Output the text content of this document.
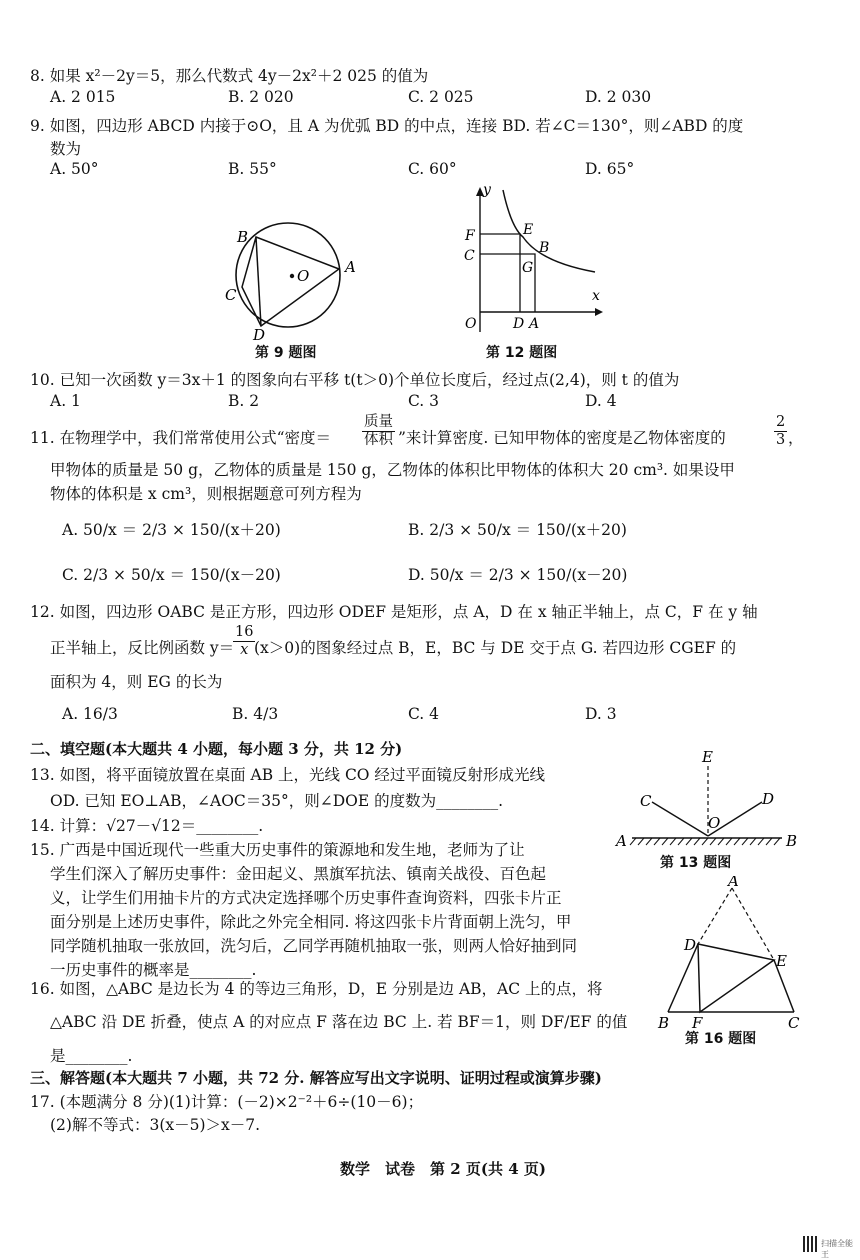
8. 如果 x²－2y＝5，那么代数式 4y－2x²＋2 025 的值为
A. 2 015	B. 2 020	C. 2 025	D. 2 030
9. 如图，四边形 ABCD 内接于⊙O，且 A 为优弧 BD 的中点，连接 BD. 若∠C＝130°，则∠ABD 的度
数为
A. 50°	B. 55°	C. 60°	D. 65°
B
A
C
D
O
第 9 题图
y
x
O
F
C
E
B
G
D A
第 12 题图
10. 已知一次函数 y＝3x＋1 的图象向右平移 t(t＞0)个单位长度后，经过点(2,4)，则 t 的值为
A. 1	B. 2	C. 3	D. 4
11. 在物理学中，我们常常使用公式“密度＝
质量
体积 ”来计算密度. 已知甲物体的密度是乙物体密度的
2
3 ，
甲物体的质量是 50 g，乙物体的质量是 150 g，乙物体的体积比甲物体的体积大 20 cm³. 如果设甲
物体的体积是 x cm³，则根据题意可列方程为
A. 50/x ＝ 2/3 × 150/(x＋20)	B. 2/3 × 50/x ＝ 150/(x＋20)
C. 2/3 × 50/x ＝ 150/(x－20)	D. 50/x ＝ 2/3 × 150/(x－20)
12. 如图，四边形 OABC 是正方形，四边形 ODEF 是矩形，点 A，D 在 x 轴正半轴上，点 C，F 在 y 轴
正半轴上，反比例函数 y＝
16
x (x＞0)的图象经过点 B，E，BC 与 DE 交于点 G. 若四边形 CGEF 的
面积为 4，则 EG 的长为
A. 16/3	B. 4/3	C. 4	D. 3
二、填空题(本大题共 4 小题，每小题 3 分，共 12 分)
13. 如图，将平面镜放置在桌面 AB 上，光线 CO 经过平面镜反射形成光线
OD. 已知 EO⊥AB，∠AOC＝35°，则∠DOE 的度数为________.
E
C	D
O
A	B
第 13 题图
14. 计算：√27－√12＝________.
15. 广西是中国近现代一些重大历史事件的策源地和发生地，老师为了让
学生们深入了解历史事件：金田起义、黑旗军抗法、镇南关战役、百色起
义，让学生们用抽卡片的方式决定选择哪个历史事件查询资料，四张卡片正
面分别是上述历史事件，除此之外完全相同. 将这四张卡片背面朝上洗匀，甲
同学随机抽取一张放回，洗匀后，乙同学再随机抽取一张，则两人恰好抽到同
一历史事件的概率是________.
A
D
E
B F	C
第 16 题图
16. 如图，△ABC 是边长为 4 的等边三角形，D，E 分别是边 AB，AC 上的点，将
△ABC 沿 DE 折叠，使点 A 的对应点 F 落在边 BC 上. 若 BF＝1，则 DF/EF 的值
是________.
三、解答题(本大题共 7 小题，共 72 分. 解答应写出文字说明、证明过程或演算步骤)
17. (本题满分 8 分)(1)计算：(－2)×2⁻²＋6÷(10－6)；
(2)解不等式：3(x－5)＞x－7.
数学　试卷　第 2 页(共 4 页)
扫描全能王
